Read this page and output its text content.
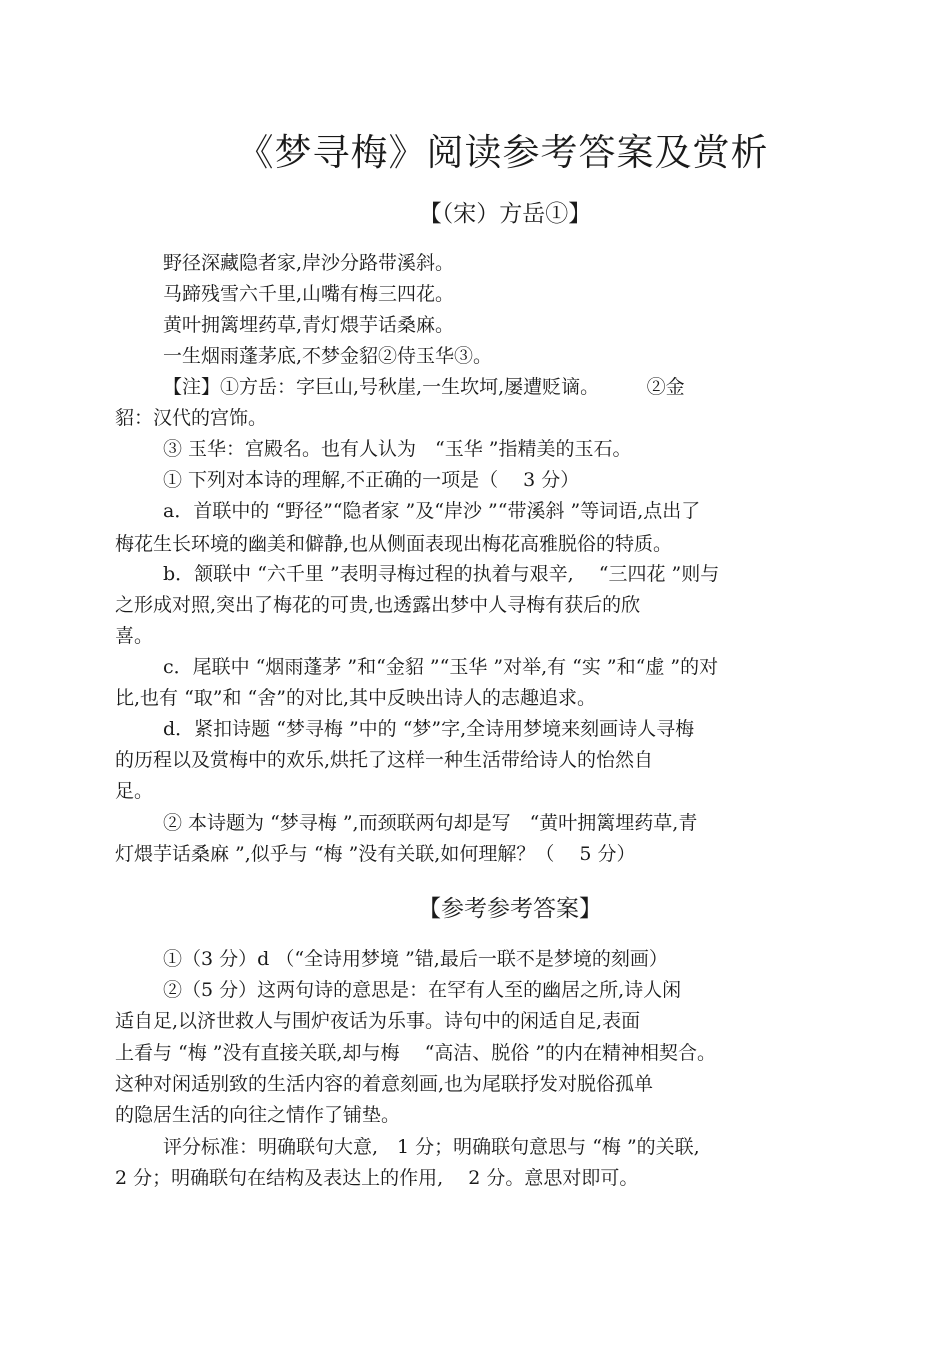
《梦寻梅》阅读参考答案及赏析
【（宋）方岳①】
野径深藏隐者家,岸沙分路带溪斜。
马蹄残雪六千里,山嘴有梅三四花。
黄叶拥篱埋药草,青灯煨芋话桑麻。
一生烟雨蓬茅底,不梦金貂②侍玉华③。
【注】①方岳：字巨山,号秋崖,一生坎坷,屡遭贬谪。　　　②金
貂：汉代的宫饰。
③ 玉华：宫殿名。也有人认为　“玉华 ”指精美的玉石。
① 下列对本诗的理解,不正确的一项是（　 3 分）
a．首联中的 “野径”“隐者家 ”及“岸沙 ”“带溪斜 ”等词语,点出了
梅花生长环境的幽美和僻静,也从侧面表现出梅花高雅脱俗的特质。
b．颔联中 “六千里 ”表明寻梅过程的执着与艰辛,　 “三四花 ”则与
之形成对照,突出了梅花的可贵,也透露出梦中人寻梅有获后的欣
喜。
c．尾联中 “烟雨蓬茅 ”和“金貂 ”“玉华 ”对举,有 “实 ”和“虚 ”的对
比,也有 “取”和 “舍”的对比,其中反映出诗人的志趣追求。
d．紧扣诗题 “梦寻梅 ”中的 “梦”字,全诗用梦境来刻画诗人寻梅
的历程以及赏梅中的欢乐,烘托了这样一种生活带给诗人的怡然自
足。
② 本诗题为 “梦寻梅 ”,而颈联两句却是写　“黄叶拥篱埋药草,青
灯煨芋话桑麻 ”,似乎与 “梅 ”没有关联,如何理解？（　 5 分）
【参考参考答案】
①（3 分）d （“全诗用梦境 ”错,最后一联不是梦境的刻画）
②（5 分）这两句诗的意思是：在罕有人至的幽居之所,诗人闲
适自足,以济世救人与围炉夜话为乐事。诗句中的闲适自足,表面
上看与 “梅 ”没有直接关联,却与梅　 “高洁、脱俗 ”的内在精神相契合。
这种对闲适别致的生活内容的着意刻画,也为尾联抒发对脱俗孤单
的隐居生活的向往之情作了铺垫。
评分标准：明确联句大意,　1 分；明确联句意思与 “梅 ”的关联,
2 分；明确联句在结构及表达上的作用,　 2 分。意思对即可。
